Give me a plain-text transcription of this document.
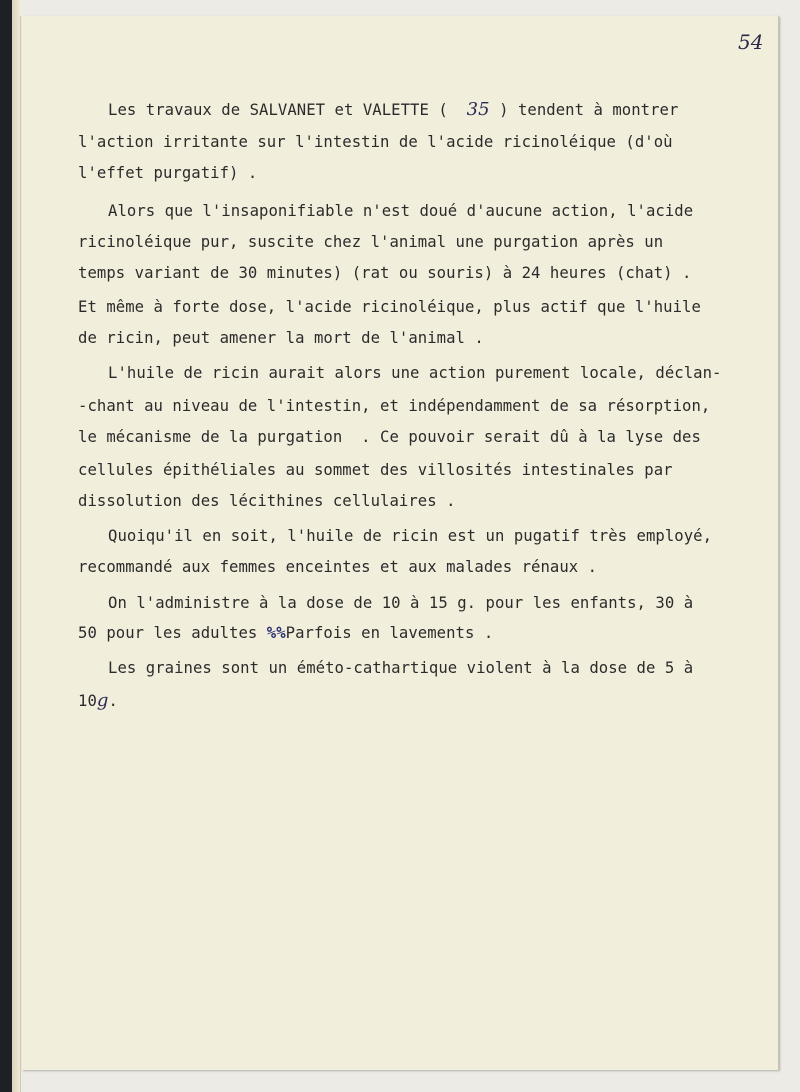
54
Les travaux de SALVANET et VALETTE (  35 ) tendent à montrer
l'action irritante sur l'intestin de l'acide ricinoléique (d'où
l'effet purgatif) .
Alors que l'insaponifiable n'est doué d'aucune action, l'acide
ricinoléique pur, suscite chez l'animal une purgation après un
temps variant de 30 minutes) (rat ou souris) à 24 heures (chat) .
Et même à forte dose, l'acide ricinoléique, plus actif que l'huile
de ricin, peut amener la mort de l'animal .
L'huile de ricin aurait alors une action purement locale, déclan-
-chant au niveau de l'intestin, et indépendamment de sa résorption,
le mécanisme de la purgation  . Ce pouvoir serait dû à la lyse des
cellules épithéliales au sommet des villosités intestinales par
dissolution des lécithines cellulaires .
Quoiqu'il en soit, l'huile de ricin est un pugatif très employé,
recommandé aux femmes enceintes et aux malades rénaux .
On l'administre à la dose de 10 à 15 g. pour les enfants, 30 à
50 pour les adultes %%Parfois en lavements .
Les graines sont un éméto-cathartique violent à la dose de 5 à
10g.
